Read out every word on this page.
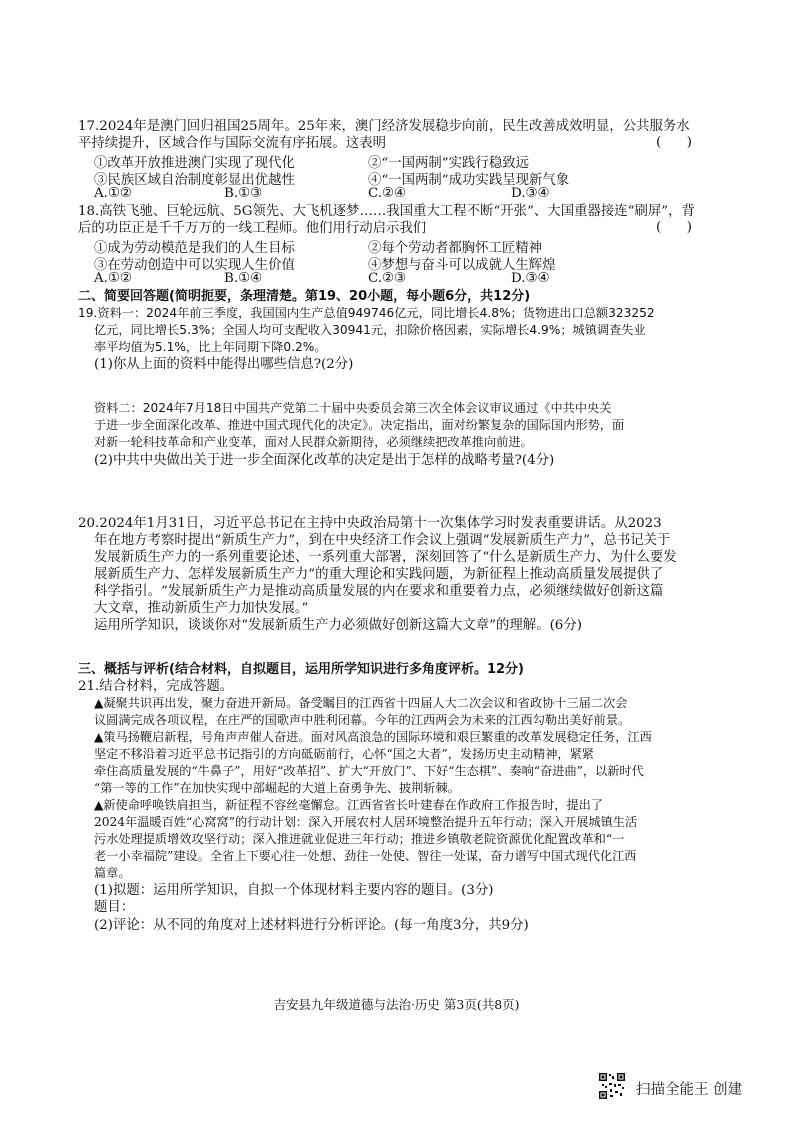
17.2024年是澳门回归祖国25周年。25年来，澳门经济发展稳步向前，民生改善成效明显，公共服务水
平持续提升，区域合作与国际交流有序拓展。这表明	(      )
①改革开放推进澳门实现了现代化	②“一国两制”实践行稳致远
③民族区域自治制度彰显出优越性	④“一国两制”成功实践呈现新气象
A.①②	B.①③	C.②④	D.③④
18.高铁飞驰、巨轮远航、5G领先、大飞机逐梦……我国重大工程不断“开张”、大国重器接连“刷屏”，背
后的功臣正是千千万万的一线工程师。他们用行动启示我们	(      )
①成为劳动模范是我们的人生目标	②每个劳动者都胸怀工匠精神
③在劳动创造中可以实现人生价值	④梦想与奋斗可以成就人生辉煌
A.①②	B.①④	C.②③	D.③④
二、简要回答题(简明扼要，条理清楚。第19、20小题，每小题6分，共12分)
19.资料一：2024年前三季度，我国国内生产总值949746亿元，同比增长4.8%；货物进出口总额323252
亿元，同比增长5.3%；全国人均可支配收入30941元，扣除价格因素，实际增长4.9%；城镇调查失业
率平均值为5.1%，比上年同期下降0.2%。
(1)你从上面的资料中能得出哪些信息?(2分)
资料二：2024年7月18日中国共产党第二十届中央委员会第三次全体会议审议通过《中共中央关
于进一步全面深化改革、推进中国式现代化的决定》。决定指出，面对纷繁复杂的国际国内形势，面
对新一轮科技革命和产业变革，面对人民群众新期待，必须继续把改革推向前进。
(2)中共中央做出关于进一步全面深化改革的决定是出于怎样的战略考量?(4分)
20.2024年1月31日，习近平总书记在主持中央政治局第十一次集体学习时发表重要讲话。从2023
年在地方考察时提出“新质生产力”，到在中央经济工作会议上强调“发展新质生产力”，总书记关于
发展新质生产力的一系列重要论述、一系列重大部署，深刻回答了“什么是新质生产力、为什么要发
展新质生产力、怎样发展新质生产力”的重大理论和实践问题，为新征程上推动高质量发展提供了
科学指引。“发展新质生产力是推动高质量发展的内在要求和重要着力点，必须继续做好创新这篇
大文章，推动新质生产力加快发展。”
运用所学知识，谈谈你对“发展新质生产力必须做好创新这篇大文章”的理解。(6分)
三、概括与评析(结合材料，自拟题目，运用所学知识进行多角度评析。12分)
21.结合材料，完成答题。
▲凝聚共识再出发，聚力奋进开新局。备受瞩目的江西省十四届人大二次会议和省政协十三届二次会
议圆满完成各项议程，在庄严的国歌声中胜利闭幕。今年的江西两会为未来的江西勾勒出美好前景。
▲策马扬鞭启新程，号角声声催人奋进。面对风高浪急的国际环境和艰巨繁重的改革发展稳定任务，江西
坚定不移沿着习近平总书记指引的方向砥砺前行，心怀“国之大者”，发扬历史主动精神，紧紧
牵住高质量发展的“牛鼻子”，用好“改革招”、扩大“开放门”、下好“生态棋”、奏响“奋进曲”，以新时代
“第一等的工作”在加快实现中部崛起的大道上奋勇争先、披荆斩棘。
▲新使命呼唤铁肩担当，新征程不容丝毫懈怠。江西省省长叶建春在作政府工作报告时，提出了
2024年温暖百姓“心窝窝”的行动计划：深入开展农村人居环境整治提升五年行动；深入开展城镇生活
污水处理提质增效攻坚行动；深入推进就业促进三年行动；推进乡镇敬老院资源优化配置改革和“一
老一小幸福院”建设。全省上下要心往一处想、劲往一处使、智往一处谋，奋力谱写中国式现代化江西
篇章。
(1)拟题：运用所学知识，自拟一个体现材料主要内容的题目。(3分)
题目：
(2)评论：从不同的角度对上述材料进行分析评论。(每一角度3分，共9分)
吉安县九年级道德与法治·历史 第3页(共8页)
扫描全能王 创建
